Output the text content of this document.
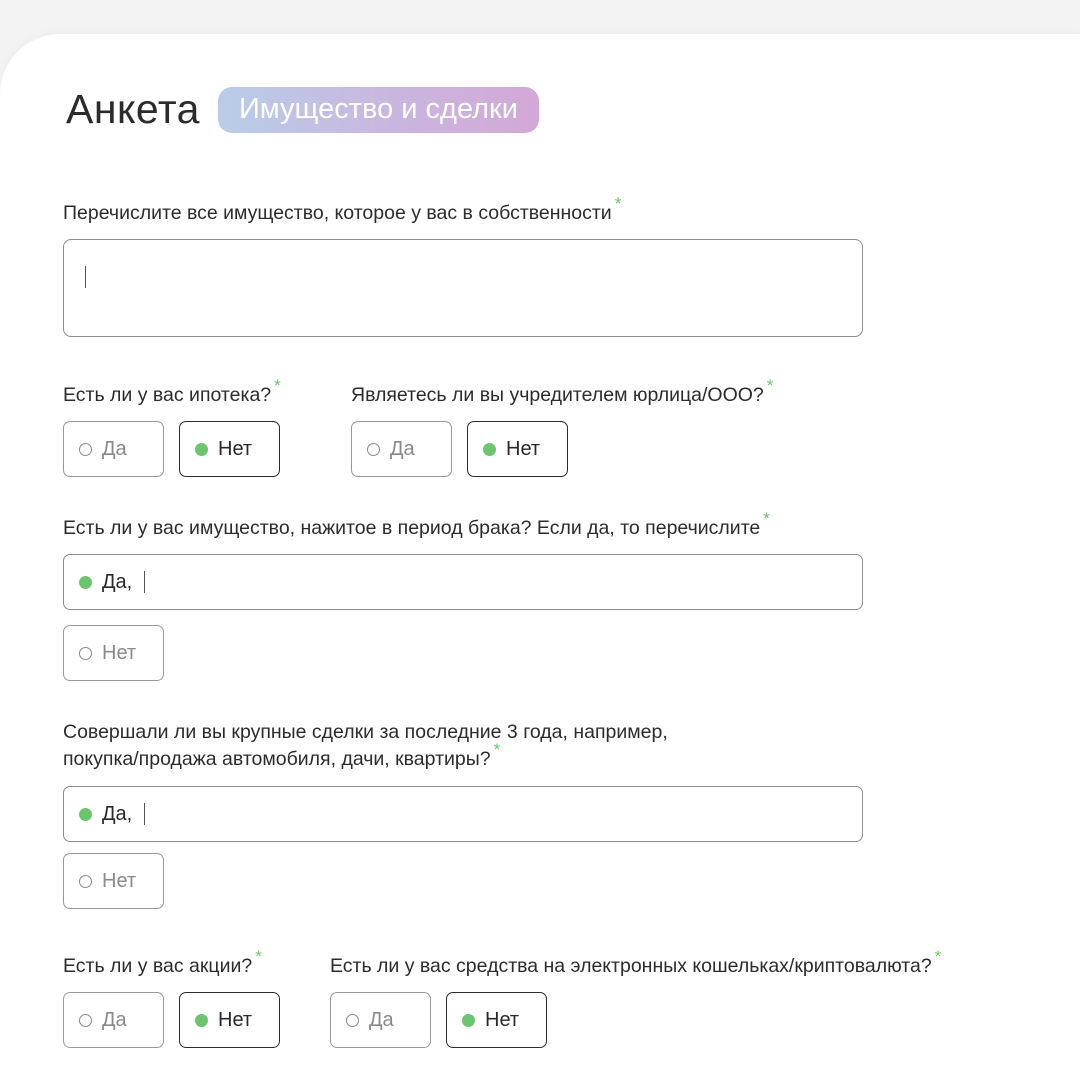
Анкета	Имущество и сделки
Перечислите все имущество, которое у вас в собственности *
Есть ли у вас ипотека? *
Да	Нет
Являетесь ли вы учредителем юрлица/ООО? *
Да	Нет
Есть ли у вас имущество, нажитое в период брака? Если да, то перечислите *
Да,
Нет
Совершали ли вы крупные сделки за последние 3 года, например,
покупка/продажа автомобиля, дачи, квартиры? *
Да,
Нет
Есть ли у вас акции? *
Да	Нет
Есть ли у вас средства на электронных кошельках/криптовалюта? *
Да	Нет
